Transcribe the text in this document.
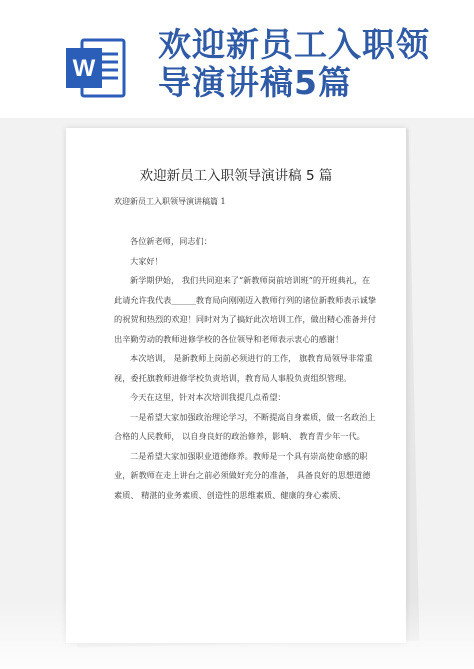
W
欢迎新员工入职领导演讲稿5篇
欢迎新员工入职领导演讲稿 5 篇
欢迎新员工入职领导演讲稿篇 1

各位新老师，同志们：

大家好！

新学期伊始， 我们共同迎来了“新教师岗前培训班”的开班典礼，在此请允许我代表______教育局向刚刚迈入教师行列的诸位新教师表示诚挚的祝贺和热烈的欢迎！同时对为了搞好此次培训工作，做出精心准备并付出辛勤劳动的教师进修学校的各位领导和老师表示衷心的感谢！

本次培训， 是新教师上岗前必须进行的工作， 旗教育局领导非常重视，委托旗教师进修学校负责培训，教育局人事股负责组织管理。

今天在这里，针对本次培训我提几点希望：

一是希望大家加强政治理论学习，不断提高自身素质，做一名政治上合格的人民教师， 以自身良好的政治修养，影响、 教育青少年一代。

二是希望大家加强职业道德修养。教师是一个具有崇高使命感的职业，新教师在走上讲台之前必须做好充分的准备， 具备良好的思想道德素质、 精湛的业务素质、创造性的思维素质、健康的身心素质、
